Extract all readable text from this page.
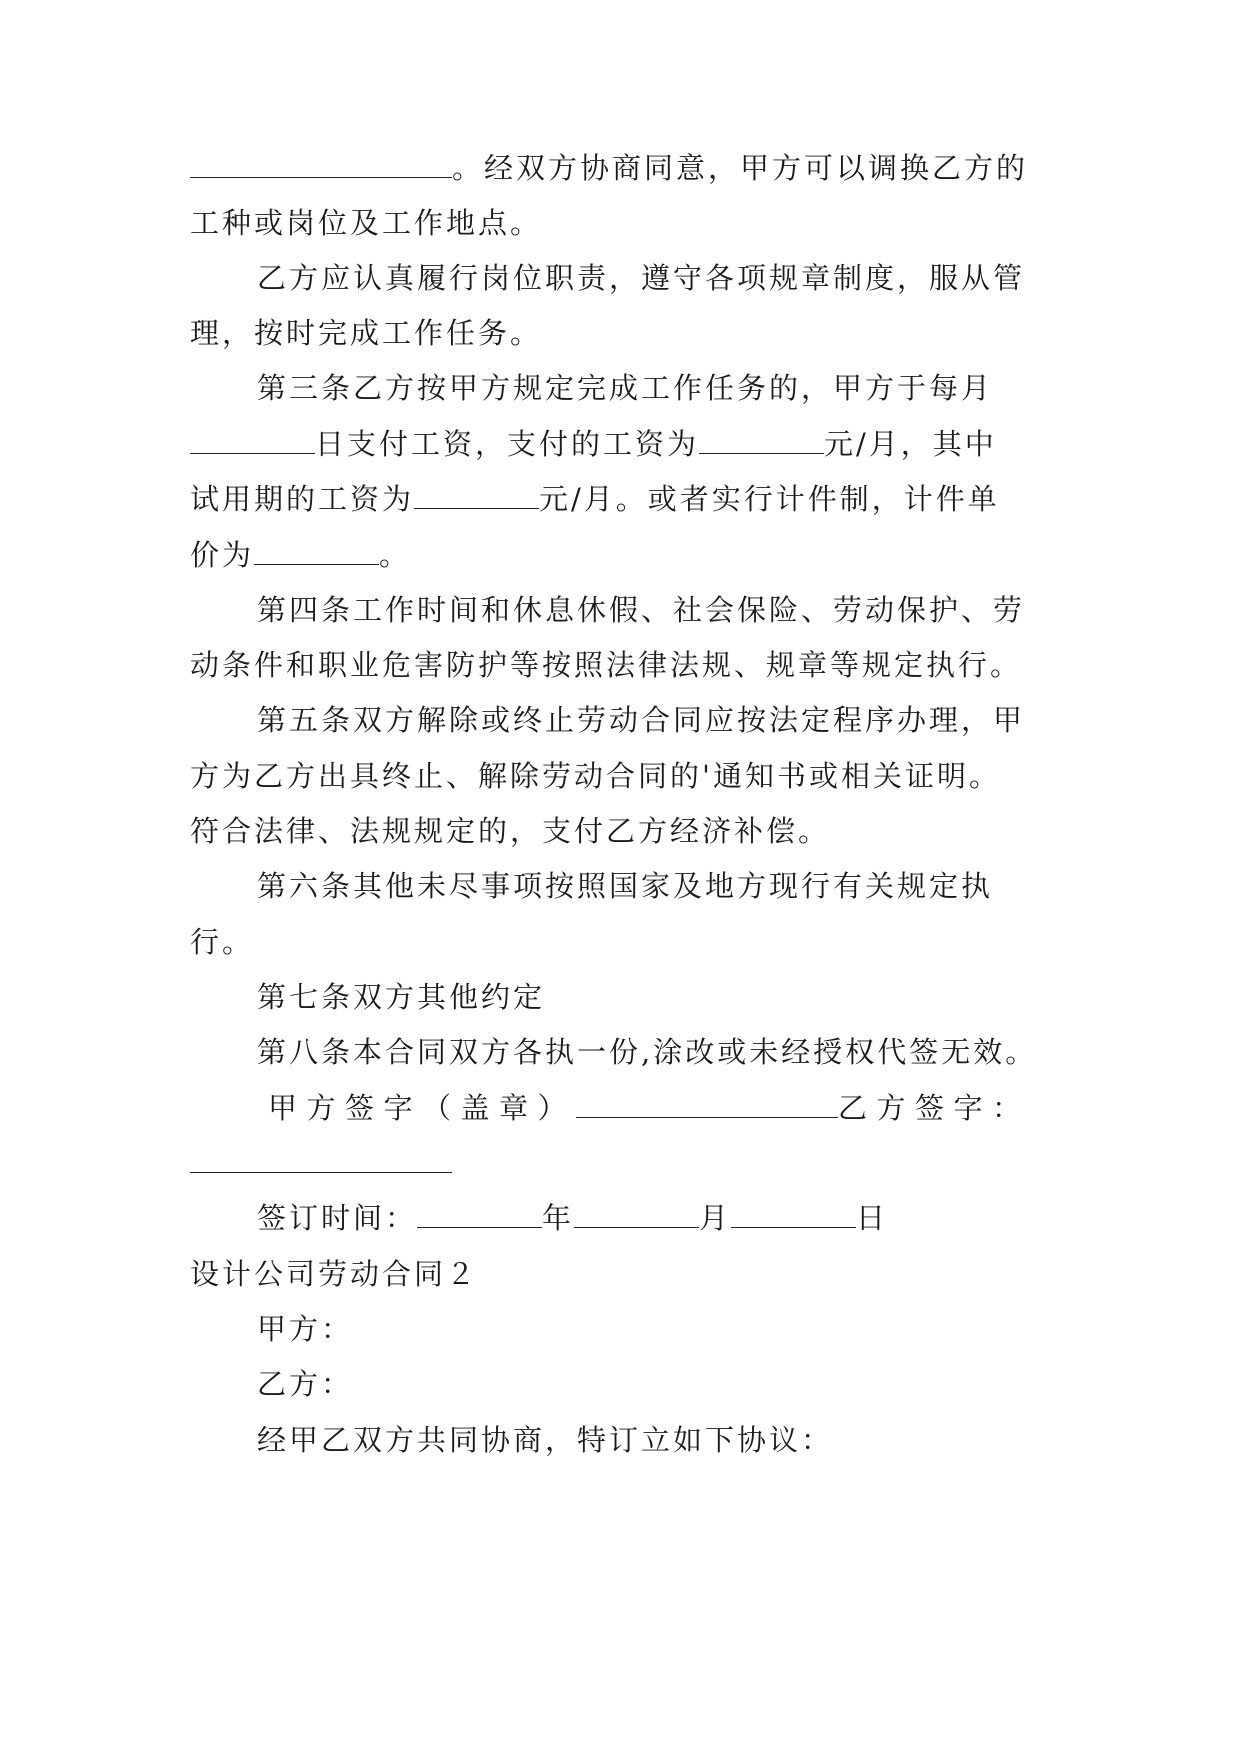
。经双方协商同意，甲方可以调换乙方的
工种或岗位及工作地点。
乙方应认真履行岗位职责，遵守各项规章制度，服从管
理，按时完成工作任务。
第三条乙方按甲方规定完成工作任务的，甲方于每月
日支付工资，支付的工资为	元/月，其中
试用期的工资为	元/月。或者实行计件制，计件单
价为	。
第四条工作时间和休息休假、社会保险、劳动保护、劳
动条件和职业危害防护等按照法律法规、规章等规定执行。
第五条双方解除或终止劳动合同应按法定程序办理，甲
方为乙方出具终止、解除劳动合同的'通知书或相关证明。
符合法律、法规规定的，支付乙方经济补偿。
第六条其他未尽事项按照国家及地方现行有关规定执
行。
第七条双方其他约定
第八条本合同双方各执一份,涂改或未经授权代签无效。
甲方签字（盖章）	乙方签字：
签订时间：	年	月	日
设计公司劳动合同２
甲方：
乙方：
经甲乙双方共同协商，特订立如下协议：
